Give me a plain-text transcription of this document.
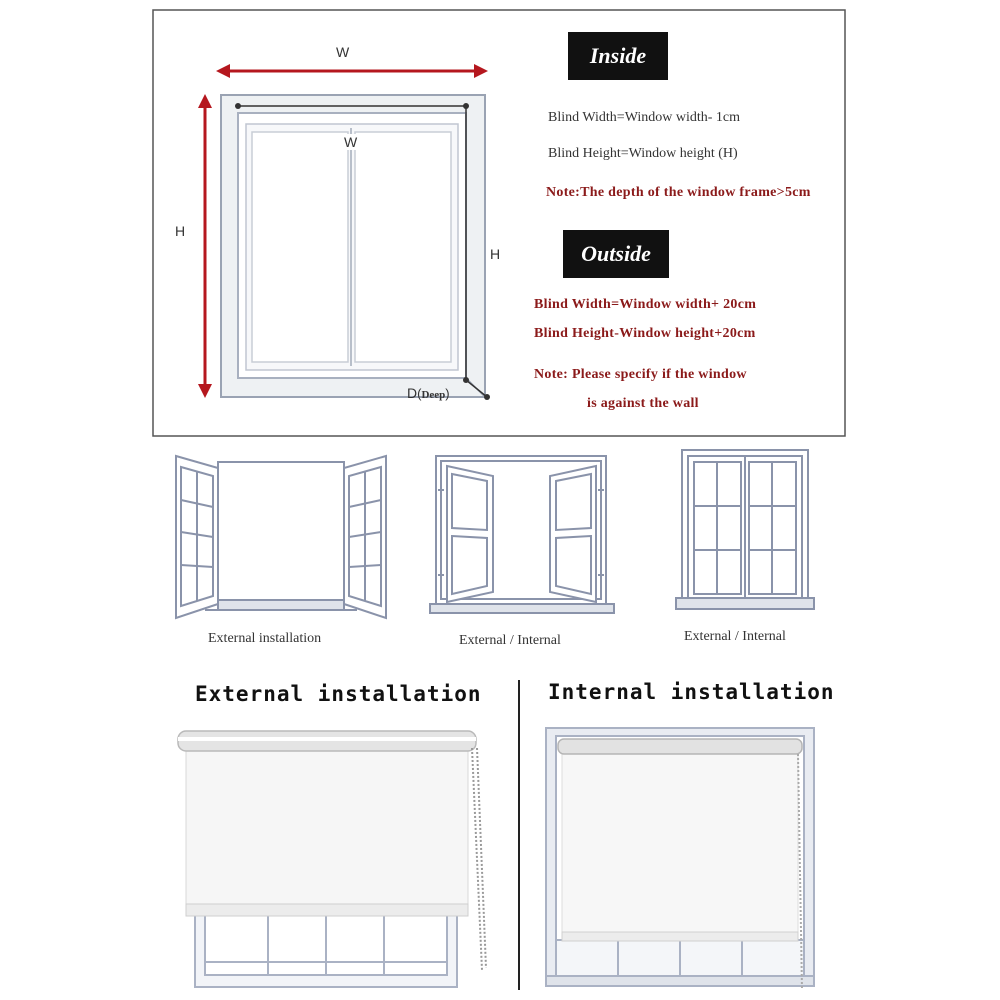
W
W
H
H
D(Deep)
Inside
Blind Width=Window width- 1cm
Blind Height=Window height (H)
Note:The depth of the window frame>5cm
Outside
Blind Width=Window width+ 20cm
Blind Height-Window height+20cm
Note: Please specify if the window
is against the wall
External installation	External / Internal	External / Internal
External installation	Internal installation
